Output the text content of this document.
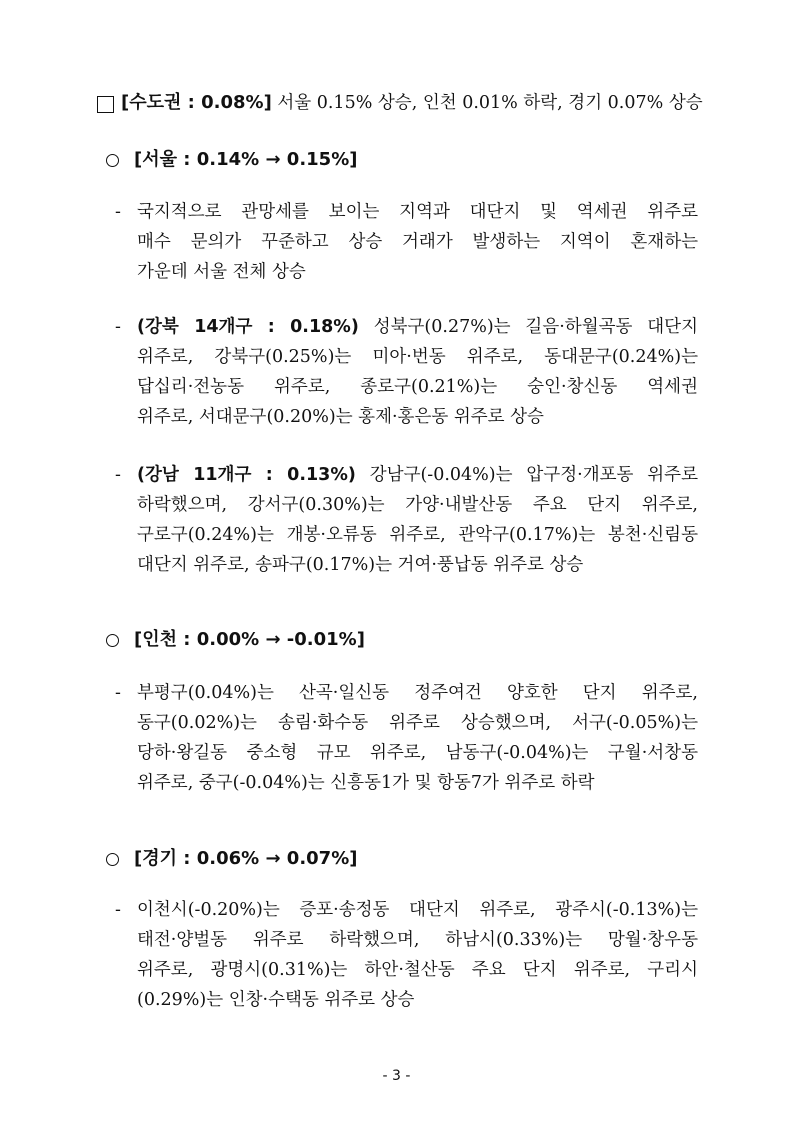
[수도권 : 0.08%] 서울 0.15% 상승, 인천 0.01% 하락, 경기 0.07% 상승
[서울 : 0.14% → 0.15%]
- 국지적으로 관망세를 보이는 지역과 대단지 및 역세권 위주로
매수 문의가 꾸준하고 상승 거래가 발생하는 지역이 혼재하는
가운데 서울 전체 상승
- (강북 14개구 : 0.18%) 성북구(0.27%)는 길음·하월곡동 대단지
위주로, 강북구(0.25%)는 미아·번동 위주로, 동대문구(0.24%)는
답십리·전농동 위주로, 종로구(0.21%)는 숭인·창신동 역세권
위주로, 서대문구(0.20%)는 홍제·홍은동 위주로 상승
- (강남 11개구 : 0.13%) 강남구(-0.04%)는 압구정·개포동 위주로
하락했으며, 강서구(0.30%)는 가양·내발산동 주요 단지 위주로,
구로구(0.24%)는 개봉·오류동 위주로, 관악구(0.17%)는 봉천·신림동
대단지 위주로, 송파구(0.17%)는 거여·풍납동 위주로 상승
[인천 : 0.00% → -0.01%]
- 부평구(0.04%)는 산곡·일신동 정주여건 양호한 단지 위주로,
동구(0.02%)는 송림·화수동 위주로 상승했으며, 서구(-0.05%)는
당하·왕길동 중소형 규모 위주로, 남동구(-0.04%)는 구월·서창동
위주로, 중구(-0.04%)는 신흥동1가 및 항동7가 위주로 하락
[경기 : 0.06% → 0.07%]
- 이천시(-0.20%)는 증포·송정동 대단지 위주로, 광주시(-0.13%)는
태전·양벌동 위주로 하락했으며, 하남시(0.33%)는 망월·창우동
위주로, 광명시(0.31%)는 하안·철산동 주요 단지 위주로, 구리시
(0.29%)는 인창·수택동 위주로 상승
- 3 -
